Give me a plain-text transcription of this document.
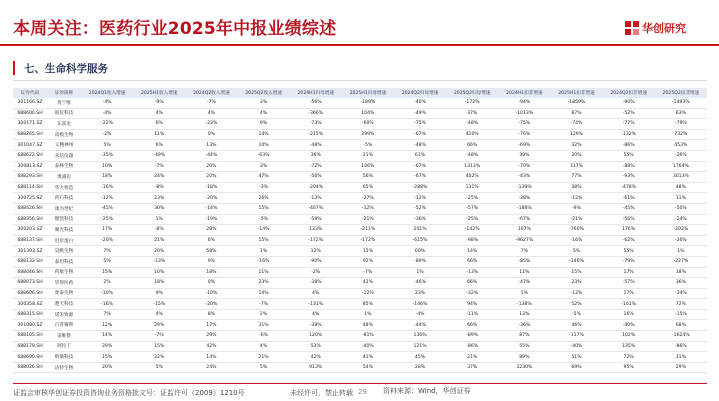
本周关注：医药行业2025年中报业绩综述	华创研究
七、生命科学服务
证券代码	证券简称	2024Q1收入增速	2025H1收入增速	2024Q2收入增速	2025Q2收入增速	2024H1归母增速	2025H1归母增速	2024Q2归母增速	2025Q2归母增速	2024H1扣非增速	2025H1扣非增速	2024Q2扣非增速	2025Q2扣非增速
301166.SZ	优宁维	-4%	-9%	-7%	3%	-56%	-189%	-40%	-172%	-94%	-1859%	-90%	-1493%
688600.SH	皖仪科技	-4%	4%	4%	4%	-366%	104%	-49%	37%	-1013%	87%	-52%	63%
300171.SZ	东富龙	-22%	6%	-23%	9%	-73%	-60%	-75%	-48%	-75%	-74%	-77%	-79%
688265.SH	南模生物	-2%	11%	0%	14%	-215%	299%	-67%	410%	-76%	129%	-132%	732%
301047.SZ	义翘神州	5%	6%	13%	10%	-48%	-5%	-48%	66%	-69%	32%	-86%	453%
688622.SH	禾信仪器	-35%	-49%	-44%	-63%	36%	21%	61%	-48%	39%	20%	55%	-26%
300813.SZ	泰林生物	10%	-7%	20%	3%	-72%	106%	-67%	1313%	-70%	117%	-88%	1764%
688293.SH	奥浦迈	18%	24%	20%	47%	-56%	56%	-67%	402%	-43%	77%	-93%	3013%
688114.SH	华大智造	-16%	-8%	-18%	-3%	-204%	65%	-288%	131%	-139%	38%	-478%	48%
300725.SZ	药石科技	-12%	23%	-20%	26%	-13%	-27%	-12%	-25%	-38%	-12%	-61%	11%
688426.SH	康为世纪	-45%	30%	-14%	15%	-407%	-12%	-52%	-57%	-188%	-9%	-45%	-50%
688356.SH	键凯科技	-25%	1%	-19%	-5%	-59%	-21%	-36%	-25%	-67%	-21%	-56%	-24%
300203.SZ	聚光科技	17%	-8%	28%	-14%	133%	-211%	241%	-142%	107%	-760%	176%	-202%
688137.SH	近岸蛋白	-20%	21%	6%	15%	-172%	-172%	-615%	-98%	-9627%	-16%	-62%	-26%
301393.SZ	昊帆生物	7%	20%	58%	1%	12%	15%	60%	14%	7%	5%	55%	1%
688133.SH	泰坦科技	5%	-13%	9%	-16%	-90%	92%	-89%	66%	-85%	-146%	-79%	-227%
688046.SH	药康生物	15%	10%	18%	11%	-2%	-7%	1%	-13%	11%	15%	17%	18%
688073.SH	毕得医药	2%	18%	0%	23%	-38%	42%	-46%	66%	-47%	23%	-57%	36%
688606.SH	奥泰生物	-10%	9%	-10%	14%	4%	-12%	23%	-32%	1%	-12%	17%	-34%
300358.SZ	楚天科技	-16%	-15%	-20%	-7%	-131%	85%	-146%	94%	-138%	52%	-161%	72%
688315.SH	诺禾致源	7%	4%	8%	2%	4%	1%	-4%	-11%	13%	-5%	16%	-15%
301080.SZ	百普赛斯	12%	29%	17%	31%	-38%	48%	-44%	66%	-36%	46%	-40%	68%
688105.SH	诺唯赞	14%	-7%	29%	-6%	120%	-81%	136%	-89%	87%	-117%	102%	-1624%
688179.SH	阿拉丁	29%	15%	42%	4%	53%	-40%	121%	-86%	55%	-40%	135%	-86%
688690.SH	纳微科技	15%	22%	14%	21%	42%	41%	45%	21%	89%	51%	72%	31%
688026.SH	洁特生物	20%	5%	24%	5%	913%	54%	28%	37%	3230%	69%	95%	29%
证监会审核华创证券投资咨询业务资格批文号：证监许可（2009）1210号	未经许可，禁止转载 29 资料来源：Wind，华创证券
